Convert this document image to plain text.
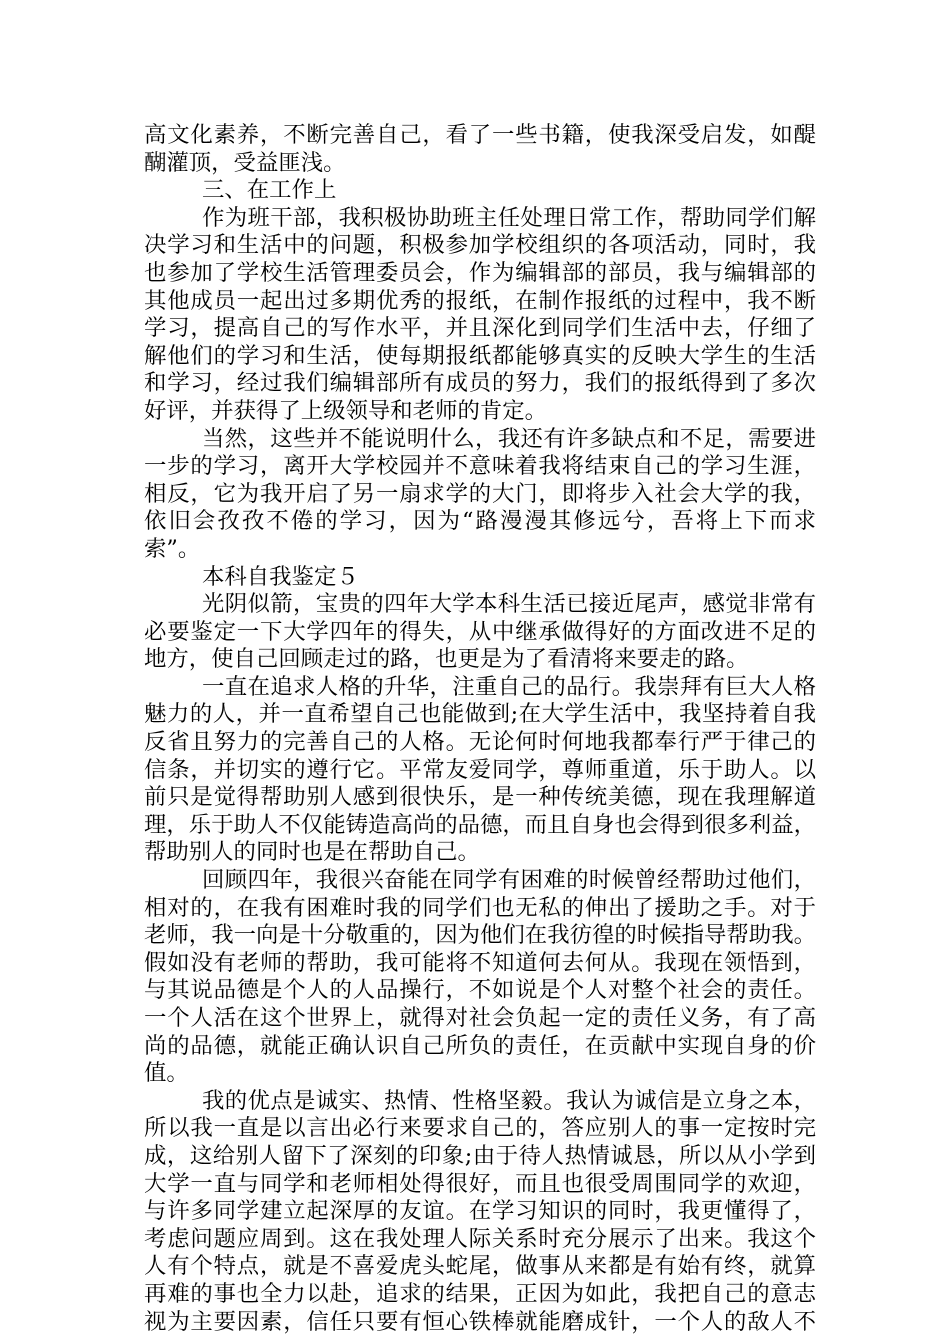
高文化素养，不断完善自己，看了一些书籍，使我深受启发，如醍
醐灌顶，受益匪浅。
三、在工作上
作为班干部，我积极协助班主任处理日常工作，帮助同学们解
决学习和生活中的问题，积极参加学校组织的各项活动，同时，我
也参加了学校生活管理委员会，作为编辑部的部员，我与编辑部的
其他成员一起出过多期优秀的报纸，在制作报纸的过程中，我不断
学习，提高自己的写作水平，并且深化到同学们生活中去，仔细了
解他们的学习和生活，使每期报纸都能够真实的反映大学生的生活
和学习，经过我们编辑部所有成员的努力，我们的报纸得到了多次
好评，并获得了上级领导和老师的肯定。
当然，这些并不能说明什么，我还有许多缺点和不足，需要进
一步的学习，离开大学校园并不意味着我将结束自己的学习生涯，
相反，它为我开启了另一扇求学的大门，即将步入社会大学的我，
依旧会孜孜不倦的学习，因为“路漫漫其修远兮，吾将上下而求
索”。
本科自我鉴定５
光阴似箭，宝贵的四年大学本科生活已接近尾声，感觉非常有
必要鉴定一下大学四年的得失，从中继承做得好的方面改进不足的
地方，使自己回顾走过的路，也更是为了看清将来要走的路。
一直在追求人格的升华，注重自己的品行。我崇拜有巨大人格
魅力的人，并一直希望自己也能做到;在大学生活中，我坚持着自我
反省且努力的完善自己的人格。无论何时何地我都奉行严于律己的
信条，并切实的遵行它。平常友爱同学，尊师重道，乐于助人。以
前只是觉得帮助别人感到很快乐，是一种传统美德，现在我理解道
理，乐于助人不仅能铸造高尚的品德，而且自身也会得到很多利益，
帮助别人的同时也是在帮助自己。
回顾四年，我很兴奋能在同学有困难的时候曾经帮助过他们，
相对的，在我有困难时我的同学们也无私的伸出了援助之手。对于
老师，我一向是十分敬重的，因为他们在我彷徨的时候指导帮助我。
假如没有老师的帮助，我可能将不知道何去何从。我现在领悟到，
与其说品德是个人的人品操行，不如说是个人对整个社会的责任。
一个人活在这个世界上，就得对社会负起一定的责任义务，有了高
尚的品德，就能正确认识自己所负的责任，在贡献中实现自身的价
值。
我的优点是诚实、热情、性格坚毅。我认为诚信是立身之本，
所以我一直是以言出必行来要求自己的，答应别人的事一定按时完
成，这给别人留下了深刻的印象;由于待人热情诚恳，所以从小学到
大学一直与同学和老师相处得很好，而且也很受周围同学的欢迎，
与许多同学建立起深厚的友谊。在学习知识的同时，我更懂得了，
考虑问题应周到。这在我处理人际关系时充分展示了出来。我这个
人有个特点，就是不喜爱虎头蛇尾，做事从来都是有始有终，就算
再难的事也全力以赴，追求的结果，正因为如此，我把自己的意志
视为主要因素，信任只要有恒心铁棒就能磨成针，一个人的敌人不
